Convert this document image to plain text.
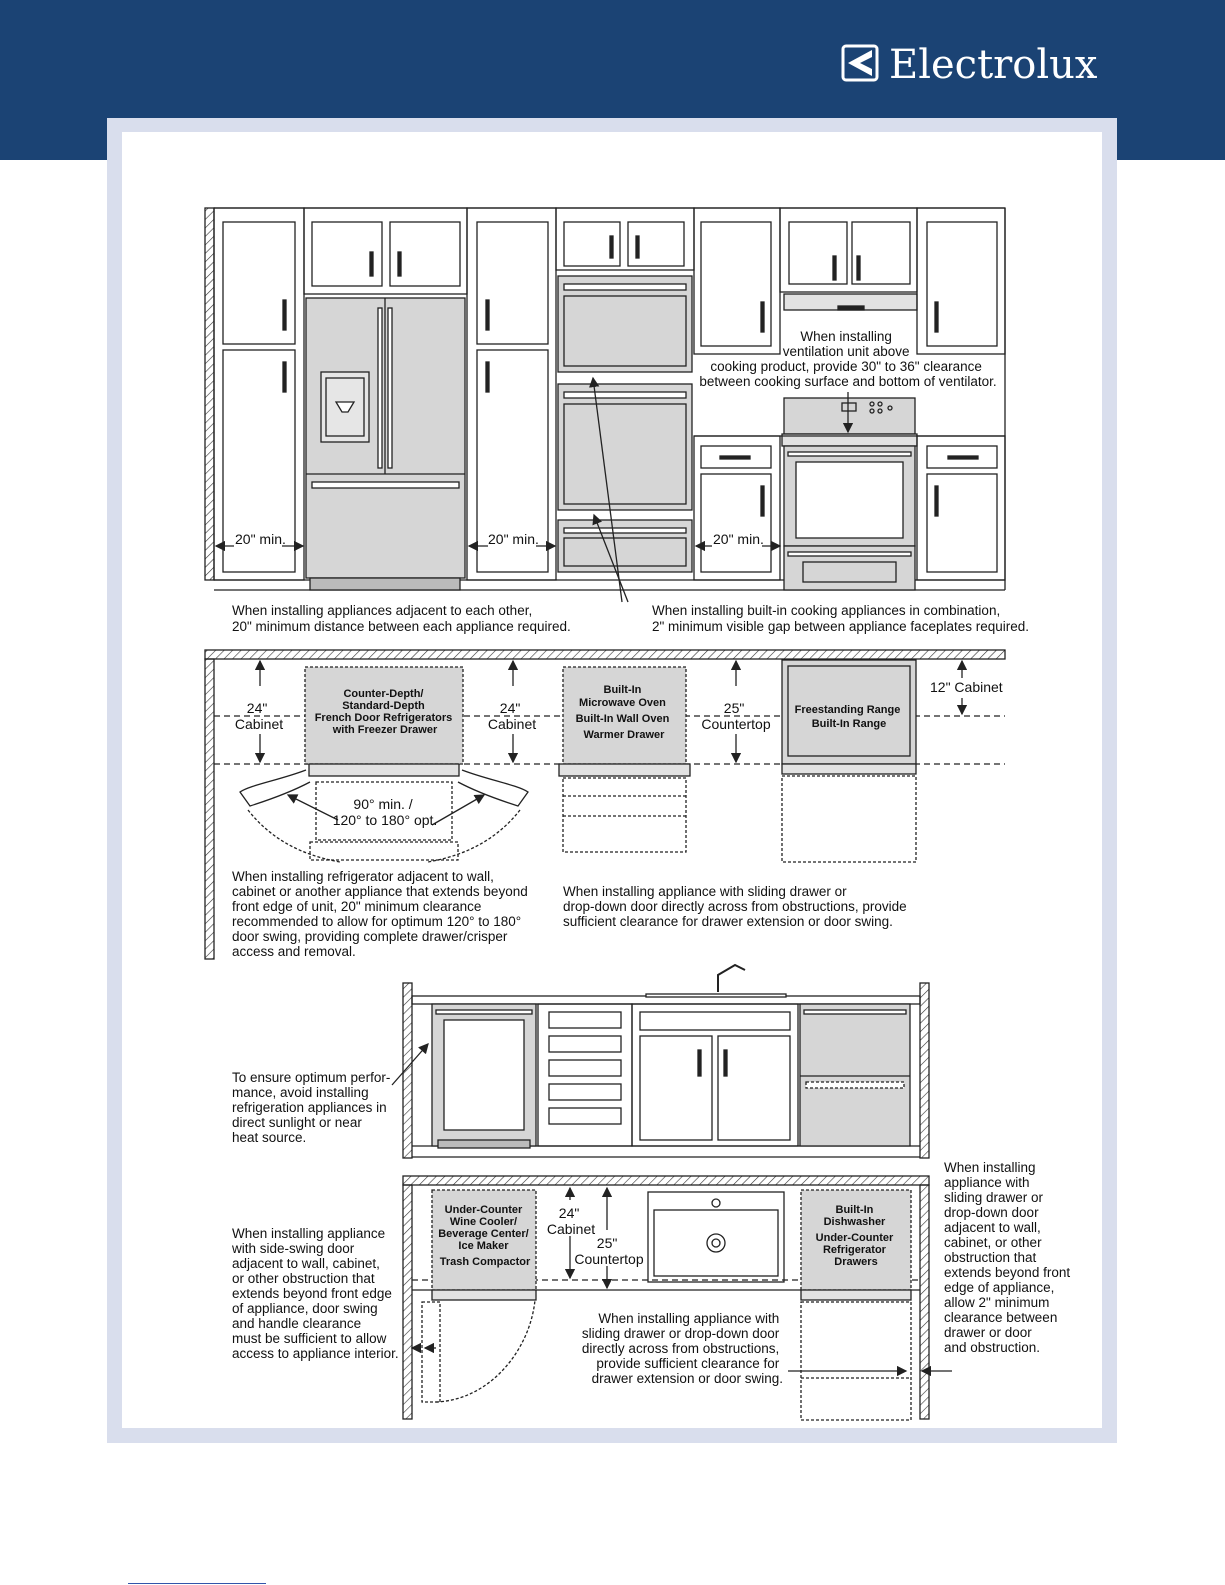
Electrolux
20" min.	20" min.	20" min.
When installing ventilation unit above cooking product, provide 30" to 36" clearance between cooking surface and bottom of ventilator.
When installing appliances adjacent to each other, 20" minimum distance between each appliance required.
When installing built-in cooking appliances in combination, 2" minimum visible gap between appliance faceplates required.
24" Cabinet
Counter-Depth/ Standard-Depth French Door Refrigerators with Freezer Drawer
24" Cabinet
Built-In Microwave Oven Built-In Wall Oven Warmer Drawer
25" Countertop
Freestanding Range Built-In Range
12" Cabinet
90° min. / 120° to 180° opt.
When installing refrigerator adjacent to wall, cabinet or another appliance that extends beyond front edge of unit, 20" minimum clearance recommended to allow for optimum 120° to 180° door swing, providing complete drawer/crisper access and removal.
When installing appliance with sliding drawer or drop-down door directly across from obstructions, provide sufficient clearance for drawer extension or door swing.
To ensure optimum perfor- mance, avoid installing refrigeration appliances in direct sunlight or near heat source.
Under-Counter Wine Cooler/ Beverage Center/ Ice Maker Trash Compactor
24" Cabinet
25" Countertop
Built-In Dishwasher Under-Counter Refrigerator Drawers
When installing appliance with side-swing door adjacent to wall, cabinet, or other obstruction that extends beyond front edge of appliance, door swing and handle clearance must be sufficient to allow access to appliance interior.
When installing appliance with sliding drawer or drop-down door directly across from obstructions, provide sufficient clearance for drawer extension or door swing.
When installing appliance with sliding drawer or drop-down door adjacent to wall, cabinet, or other obstruction that extends beyond front edge of appliance, allow 2" minimum clearance between drawer or door and obstruction.
